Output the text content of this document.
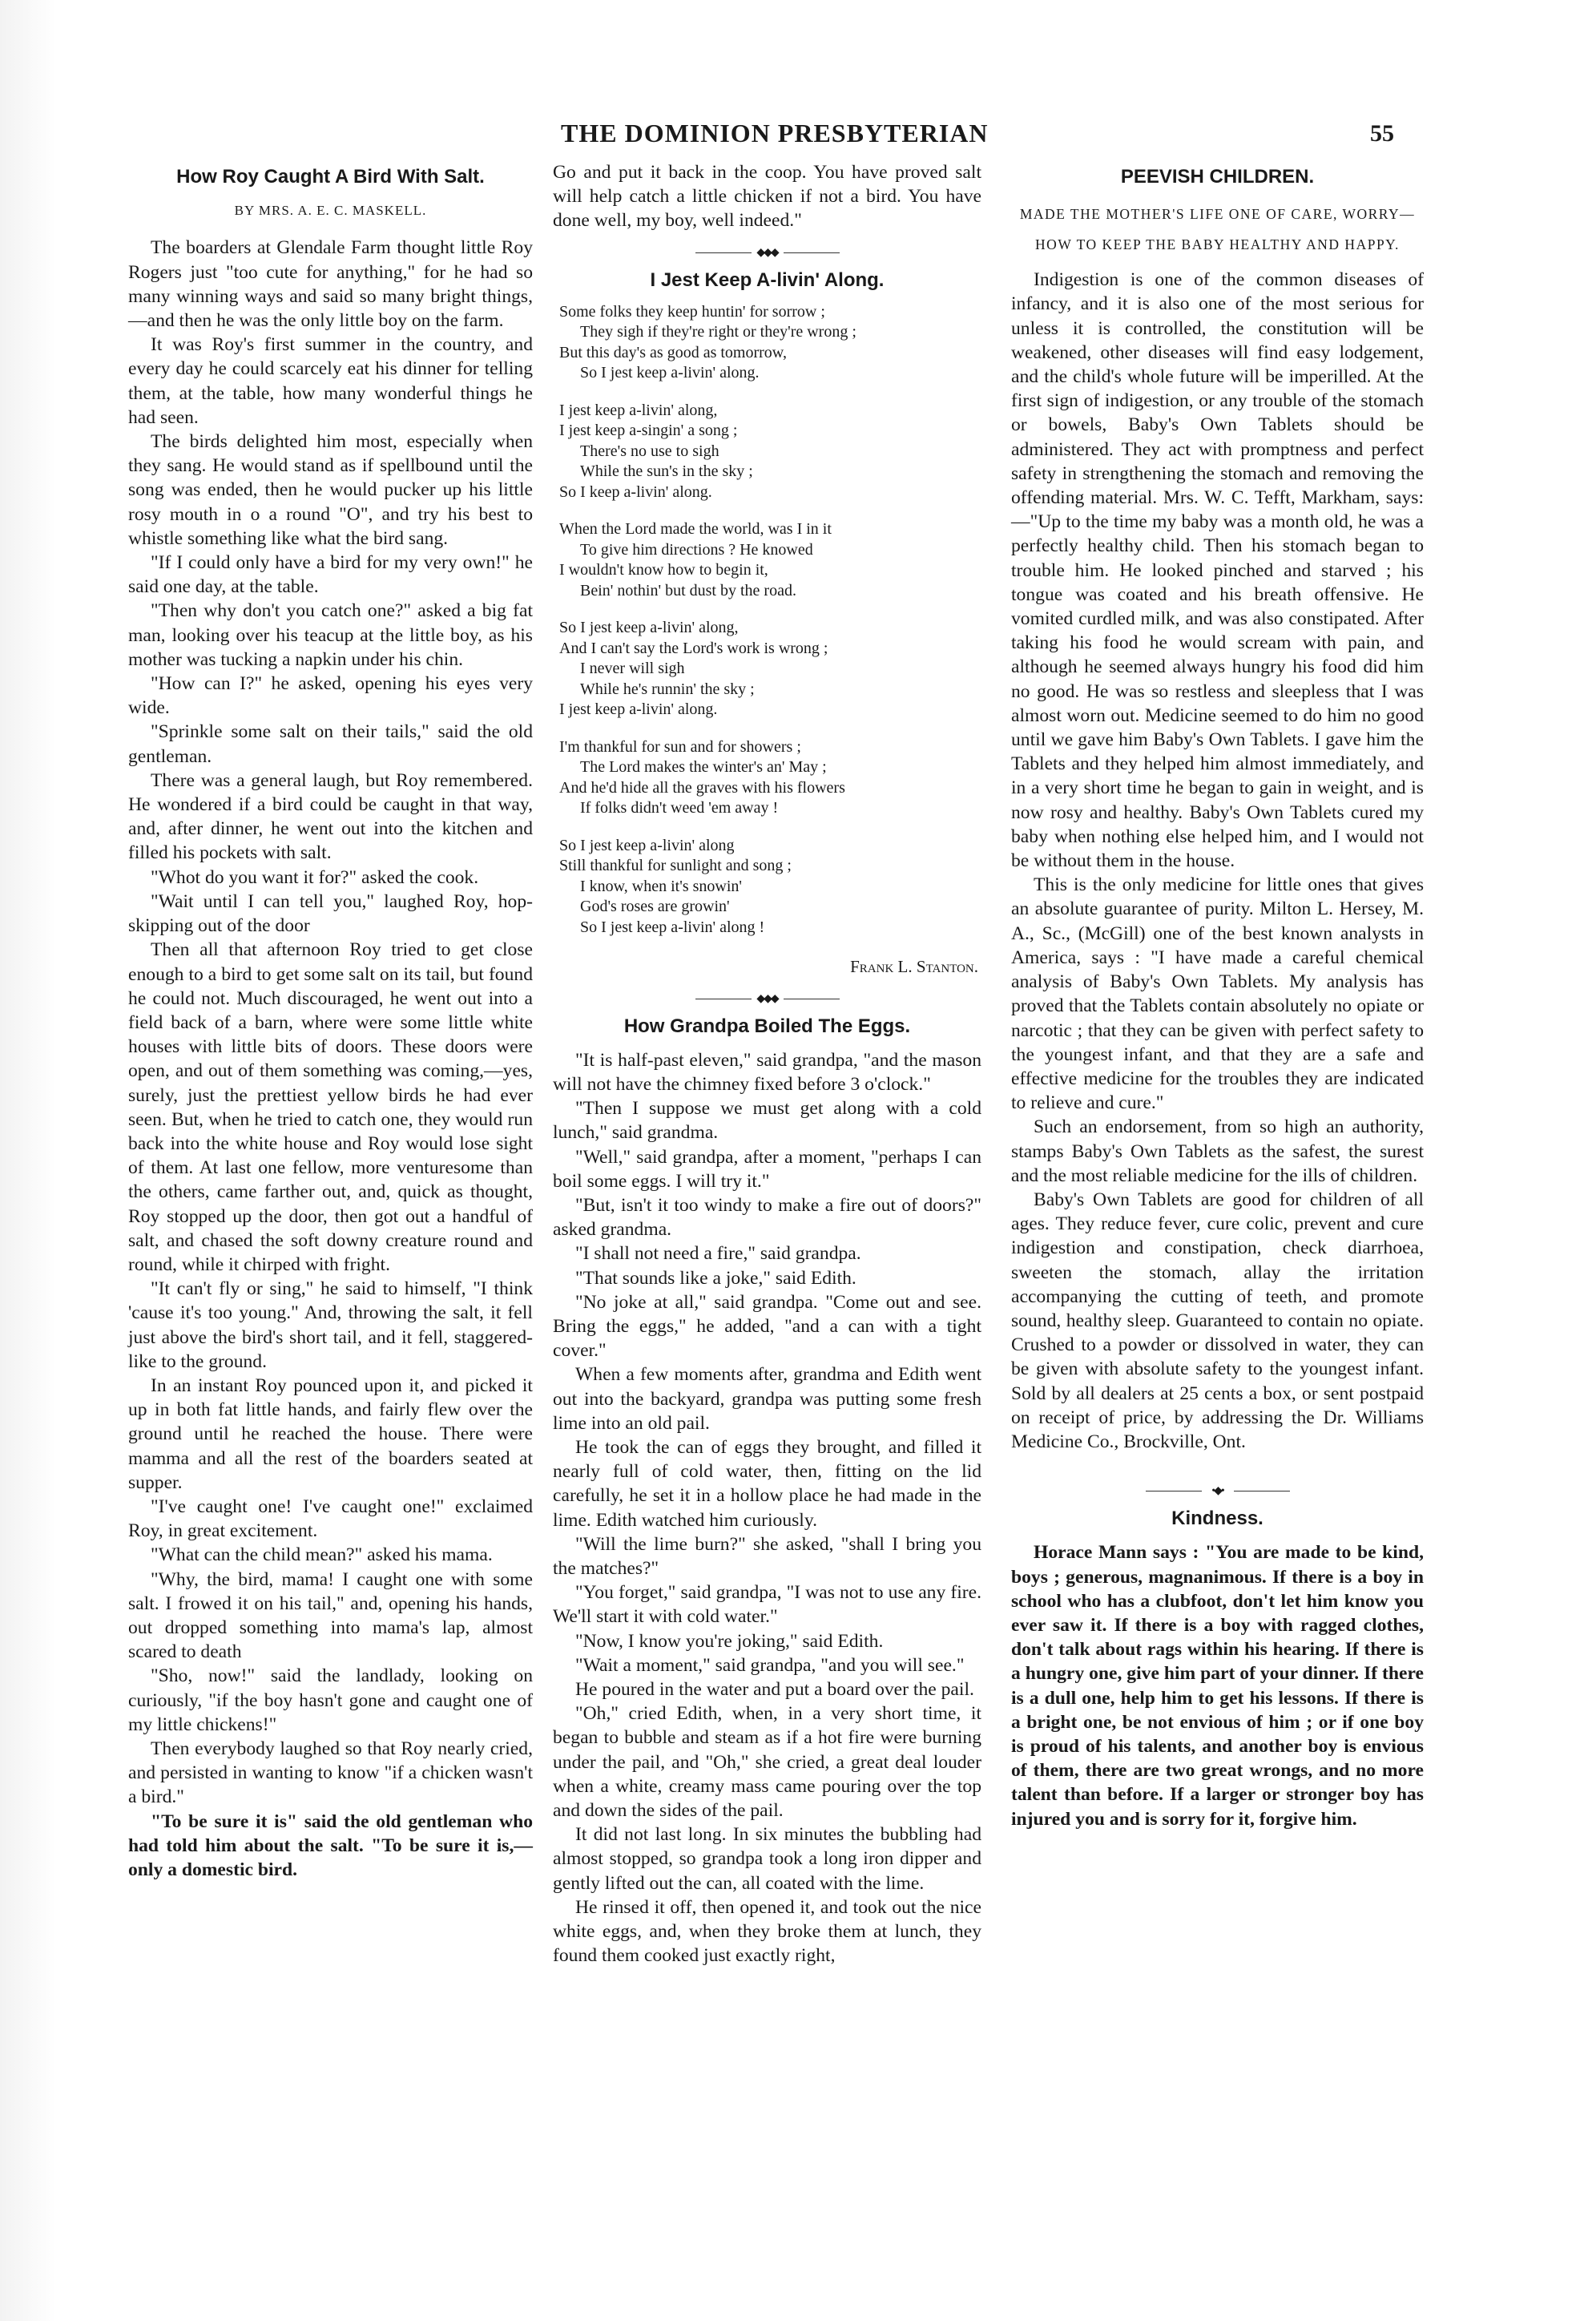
THE DOMINION PRESBYTERIAN	55
How Roy Caught A Bird With Salt.
BY MRS. A. E. C. MASKELL.

The boarders at Glendale Farm thought little Roy Rogers just "too cute for anything," for he had so many winning ways and said so many bright things,—and then he was the only little boy on the farm.

It was Roy's first summer in the country, and every day he could scarcely eat his dinner for telling them, at the table, how many wonderful things he had seen.

The birds delighted him most, especially when they sang. He would stand as if spellbound until the song was ended, then he would pucker up his little rosy mouth in o a round "O", and try his best to whistle something like what the bird sang.

"If I could only have a bird for my very own!" he said one day, at the table.

"Then why don't you catch one?" asked a big fat man, looking over his teacup at the little boy, as his mother was tucking a napkin under his chin.

"How can I?" he asked, opening his eyes very wide.

"Sprinkle some salt on their tails," said the old gentleman.

There was a general laugh, but Roy remembered. He wondered if a bird could be caught in that way, and, after dinner, he went out into the kitchen and filled his pockets with salt.

"Whot do you want it for?" asked the cook.

"Wait until I can tell you," laughed Roy, hop-skipping out of the door

Then all that afternoon Roy tried to get close enough to a bird to get some salt on its tail, but found he could not. Much discouraged, he went out into a field back of a barn, where were some little white houses with little bits of doors. These doors were open, and out of them something was coming,—yes, surely, just the prettiest yellow birds he had ever seen. But, when he tried to catch one, they would run back into the white house and Roy would lose sight of them. At last one fellow, more venturesome than the others, came farther out, and, quick as thought, Roy stopped up the door, then got out a handful of salt, and chased the soft downy creature round and round, while it chirped with fright.

"It can't fly or sing," he said to himself, "I think 'cause it's too young." And, throwing the salt, it fell just above the bird's short tail, and it fell, staggered-like to the ground.

In an instant Roy pounced upon it, and picked it up in both fat little hands, and fairly flew over the ground until he reached the house. There were mamma and all the rest of the boarders seated at supper.

"I've caught one! I've caught one!" exclaimed Roy, in great excitement.

"What can the child mean?" asked his mama.

"Why, the bird, mama! I caught one with some salt. I frowed it on his tail," and, opening his hands, out dropped something into mama's lap, almost scared to death

"Sho, now!" said the landlady, looking on curiously, "if the boy hasn't gone and caught one of my little chickens!"

Then everybody laughed so that Roy nearly cried, and persisted in wanting to know "if a chicken wasn't a bird."

"To be sure it is" said the old gentleman who had told him about the salt. "To be sure it is,—only a domestic bird.

Go and put it back in the coop. You have proved salt will help catch a little chicken if not a bird. You have done well, my boy, well indeed."

◆◆◆
I Jest Keep A-livin' Along.
Some folks they keep huntin' for sorrow ;
They sigh if they're right or they're wrong ;
But this day's as good as tomorrow,
So I jest keep a-livin' along.
I jest keep a-livin' along,
I jest keep a-singin' a song ;
There's no use to sigh
While the sun's in the sky ;
So I keep a-livin' along.
When the Lord made the world, was I in it
To give him directions ? He knowed
I wouldn't know how to begin it,
Bein' nothin' but dust by the road.
So I jest keep a-livin' along,
And I can't say the Lord's work is wrong ;
I never will sigh
While he's runnin' the sky ;
I jest keep a-livin' along.
I'm thankful for sun and for showers ;
The Lord makes the winter's an' May ;
And he'd hide all the graves with his flowers
If folks didn't weed 'em away !
So I jest keep a-livin' along
Still thankful for sunlight and song ;
I know, when it's snowin'
God's roses are growin'
So I jest keep a-livin' along !
Frank L. Stanton.
◆◆◆
How Grandpa Boiled The Eggs.

"It is half-past eleven," said grandpa, "and the mason will not have the chimney fixed before 3 o'clock."

"Then I suppose we must get along with a cold lunch," said grandma.

"Well," said grandpa, after a moment, "perhaps I can boil some eggs. I will try it."

"But, isn't it too windy to make a fire out of doors?" asked grandma.

"I shall not need a fire," said grandpa.

"That sounds like a joke," said Edith.

"No joke at all," said grandpa. "Come out and see. Bring the eggs," he added, "and a can with a tight cover."

When a few moments after, grandma and Edith went out into the backyard, grandpa was putting some fresh lime into an old pail.

He took the can of eggs they brought, and filled it nearly full of cold water, then, fitting on the lid carefully, he set it in a hollow place he had made in the lime. Edith watched him curiously.

"Will the lime burn?" she asked, "shall I bring you the matches?"

"You forget," said grandpa, "I was not to use any fire. We'll start it with cold water."

"Now, I know you're joking," said Edith.

"Wait a moment," said grandpa, "and you will see."

He poured in the water and put a board over the pail.

"Oh," cried Edith, when, in a very short time, it began to bubble and steam as if a hot fire were burning under the pail, and "Oh," she cried, a great deal louder when a white, creamy mass came pouring over the top and down the sides of the pail.

It did not last long. In six minutes the bubbling had almost stopped, so grandpa took a long iron dipper and gently lifted out the can, all coated with the lime.

He rinsed it off, then opened it, and took out the nice white eggs, and, when they broke them at lunch, they found them cooked just exactly right,

PEEVISH CHILDREN.
MADE THE MOTHER'S LIFE ONE OF CARE, WORRY—HOW TO KEEP THE BABY HEALTHY AND HAPPY.

Indigestion is one of the common diseases of infancy, and it is also one of the most serious for unless it is controlled, the constitution will be weakened, other diseases will find easy lodgement, and the child's whole future will be imperilled. At the first sign of indigestion, or any trouble of the stomach or bowels, Baby's Own Tablets should be administered. They act with promptness and perfect safety in strengthening the stomach and removing the offending material. Mrs. W. C. Tefft, Markham, says: —"Up to the time my baby was a month old, he was a perfectly healthy child. Then his stomach began to trouble him. He looked pinched and starved ; his tongue was coated and his breath offensive. He vomited curdled milk, and was also constipated. After taking his food he would scream with pain, and although he seemed always hungry his food did him no good. He was so restless and sleepless that I was almost worn out. Medicine seemed to do him no good until we gave him Baby's Own Tablets. I gave him the Tablets and they helped him almost immediately, and in a very short time he began to gain in weight, and is now rosy and healthy. Baby's Own Tablets cured my baby when nothing else helped him, and I would not be without them in the house.

This is the only medicine for little ones that gives an absolute guarantee of purity. Milton L. Hersey, M. A., Sc., (McGill) one of the best known analysts in America, says : "I have made a careful chemical analysis of Baby's Own Tablets. My analysis has proved that the Tablets contain absolutely no opiate or narcotic ; that they can be given with perfect safety to the youngest infant, and that they are a safe and effective medicine for the troubles they are indicated to relieve and cure."

Such an endorsement, from so high an authority, stamps Baby's Own Tablets as the safest, the surest and the most reliable medicine for the ills of children.

Baby's Own Tablets are good for children of all ages. They reduce fever, cure colic, prevent and cure indigestion and constipation, check diarrhoea, sweeten the stomach, allay the irritation accompanying the cutting of teeth, and promote sound, healthy sleep. Guaranteed to contain no opiate. Crushed to a powder or dissolved in water, they can be given with absolute safety to the youngest infant. Sold by all dealers at 25 cents a box, or sent postpaid on receipt of price, by addressing the Dr. Williams Medicine Co., Brockville, Ont.

•◆•
Kindness.

Horace Mann says : "You are made to be kind, boys ; generous, magnanimous. If there is a boy in school who has a clubfoot, don't let him know you ever saw it. If there is a boy with ragged clothes, don't talk about rags within his hearing. If there is a hungry one, give him part of your dinner. If there is a dull one, help him to get his lessons. If there is a bright one, be not envious of him ; or if one boy is proud of his talents, and another boy is envious of them, there are two great wrongs, and no more talent than before. If a larger or stronger boy has injured you and is sorry for it, forgive him.
